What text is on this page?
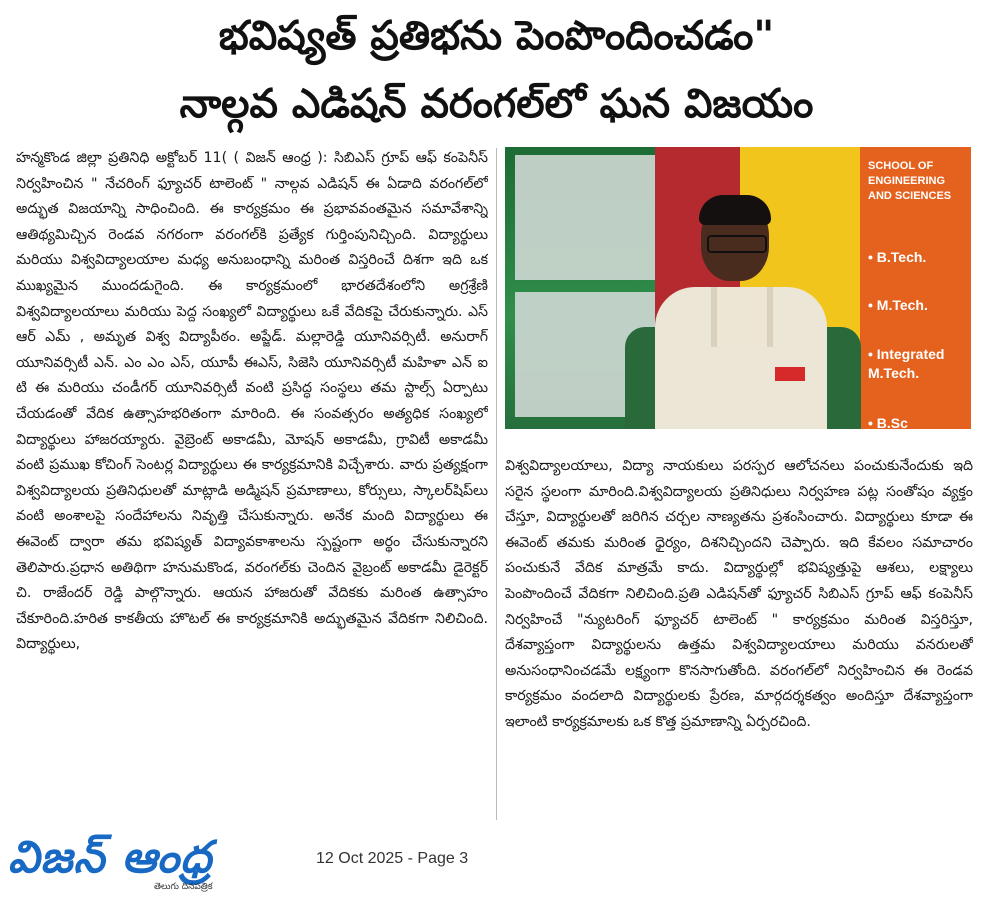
భవిష్యత్ ప్రతిభను పెంపొందించడం"
నాల్గవ ఎడిషన్ వరంగల్‌లో ఘన విజయం

హన్మకొండ జిల్లా ప్రతినిధి అక్టోబర్ 11( ( విజన్ ఆంధ్ర ): సిబిఎస్ గ్రూప్ ఆఫ్ కంపెనీస్ నిర్వహించిన " నేచరింగ్ ఫ్యూచర్ టాలెంట్ " నాల్గవ ఎడిషన్ ఈ ఏడాది వరంగల్‌లో అద్భుత విజయాన్ని సాధించింది. ఈ కార్యక్రమం ఈ ప్రభావవంతమైన సమావేశాన్ని ఆతిథ్యమిచ్చిన రెండవ నగరంగా వరంగల్‌కి ప్రత్యేక గుర్తింపునిచ్చింది. విద్యార్థులు మరియు విశ్వవిద్యాలయాల మధ్య అనుబంధాన్ని మరింత విస్తరించే దిశగా ఇది ఒక ముఖ్యమైన ముందడుగైంది. ఈ కార్యక్రమంలో భారతదేశంలోని అగ్రశ్రేణి విశ్వవిద్యాలయాలు మరియు పెద్ద సంఖ్యలో విద్యార్థులు ఒకే వేదికపై చేరుకున్నారు. ఎస్ ఆర్ ఎమ్ , అమృత విశ్వ విద్యాపీఠం. అప్జేడ్. మల్లారెడ్డి యూనివర్సిటీ. అనురాగ్ యూనివర్సిటీ ఎన్. ఎం ఎం ఎస్, యూపీ ఈఎస్, సిజెసి యూనివర్సిటీ మహిళా ఎన్ ఐ టి ఈ మరియు చండీగర్ యూనివర్సిటీ వంటి ప్రసిద్ధ సంస్థలు తమ స్టాల్స్ ఏర్పాటు చేయడంతో వేదిక ఉత్సాహభరితంగా మారింది. ఈ సంవత్సరం అత్యధిక సంఖ్యలో విద్యార్థులు హాజరయ్యారు. వైబ్రెంట్ అకాడమీ, మోషన్ అకాడమీ, గ్రావిటీ అకాడమీ వంటి ప్రముఖ కోచింగ్ సెంటర్ల విద్యార్థులు ఈ కార్యక్రమానికి విచ్చేశారు. వారు ప్రత్యక్షంగా విశ్వవిద్యాలయ ప్రతినిధులతో మాట్లాడి అడ్మిషన్ ప్రమాణాలు, కోర్సులు, స్కాలర్‌షిప్‌లు వంటి అంశాలపై సందేహాలను నివృత్తి చేసుకున్నారు. అనేక మంది విద్యార్థులు ఈ ఈవెంట్ ద్వారా తమ భవిష్యత్ విద్యావకాశాలను స్పష్టంగా అర్థం చేసుకున్నారని తెలిపారు.ప్రధాన అతిథిగా హనుమకొండ, వరంగల్‌కు చెందిన వైబ్రంట్ అకాడమీ డైరెక్టర్ చి. రాజేందర్ రెడ్డి పాల్గొన్నారు. ఆయన హాజరుతో వేదికకు మరింత ఉత్సాహం చేకూరింది.హరిత కాకతీయ హొటల్ ఈ కార్యక్రమానికి అద్భుతమైన వేదికగా నిలిచింది. విద్యార్థులు,

SCHOOL OF ENGINEERING AND SCIENCES
• B.Tech.
• M.Tech.
• Integrated M.Tech.
• B.Sc

విశ్వవిద్యాలయాలు, విద్యా నాయకులు పరస్పర ఆలోచనలు పంచుకునేందుకు ఇది సరైన స్థలంగా మారింది.విశ్వవిద్యాలయ ప్రతినిధులు నిర్వహణ పట్ల సంతోషం వ్యక్తం చేస్తూ, విద్యార్థులతో జరిగిన చర్చల నాణ్యతను ప్రశంసించారు. విద్యార్థులు కూడా ఈ ఈవెంట్ తమకు మరింత ధైర్యం, దిశనిచ్చిందని చెప్పారు. ఇది కేవలం సమాచారం పంచుకునే వేదిక మాత్రమే కాదు. విద్యార్థుల్లో భవిష్యత్తుపై ఆశలు, లక్ష్యాలు పెంపొందించే వేదికగా నిలిచింది.ప్రతి ఎడిషన్‌తో ఫ్యూచర్ సిబిఎస్ గ్రూప్ ఆఫ్ కంపెనీస్ నిర్వహించే "న్యుటరింగ్ ఫ్యూచర్ టాలెంట్ " కార్యక్రమం మరింత విస్తరిస్తూ, దేశవ్యాప్తంగా విద్యార్థులను ఉత్తమ విశ్వవిద్యాలయాలు మరియు వనరులతో అనుసంధానించడమే లక్ష్యంగా కొనసాగుతోంది. వరంగల్‌లో నిర్వహించిన ఈ రెండవ కార్యక్రమం వందలాది విద్యార్థులకు ప్రేరణ, మార్గదర్శకత్వం అందిస్తూ దేశవ్యాప్తంగా ఇలాంటి కార్యక్రమాలకు ఒక కొత్త ప్రమాణాన్ని ఏర్పరచింది.

విజన్ ఆంధ్ర
తెలుగు దినపత్రిక
12 Oct 2025 - Page 3
